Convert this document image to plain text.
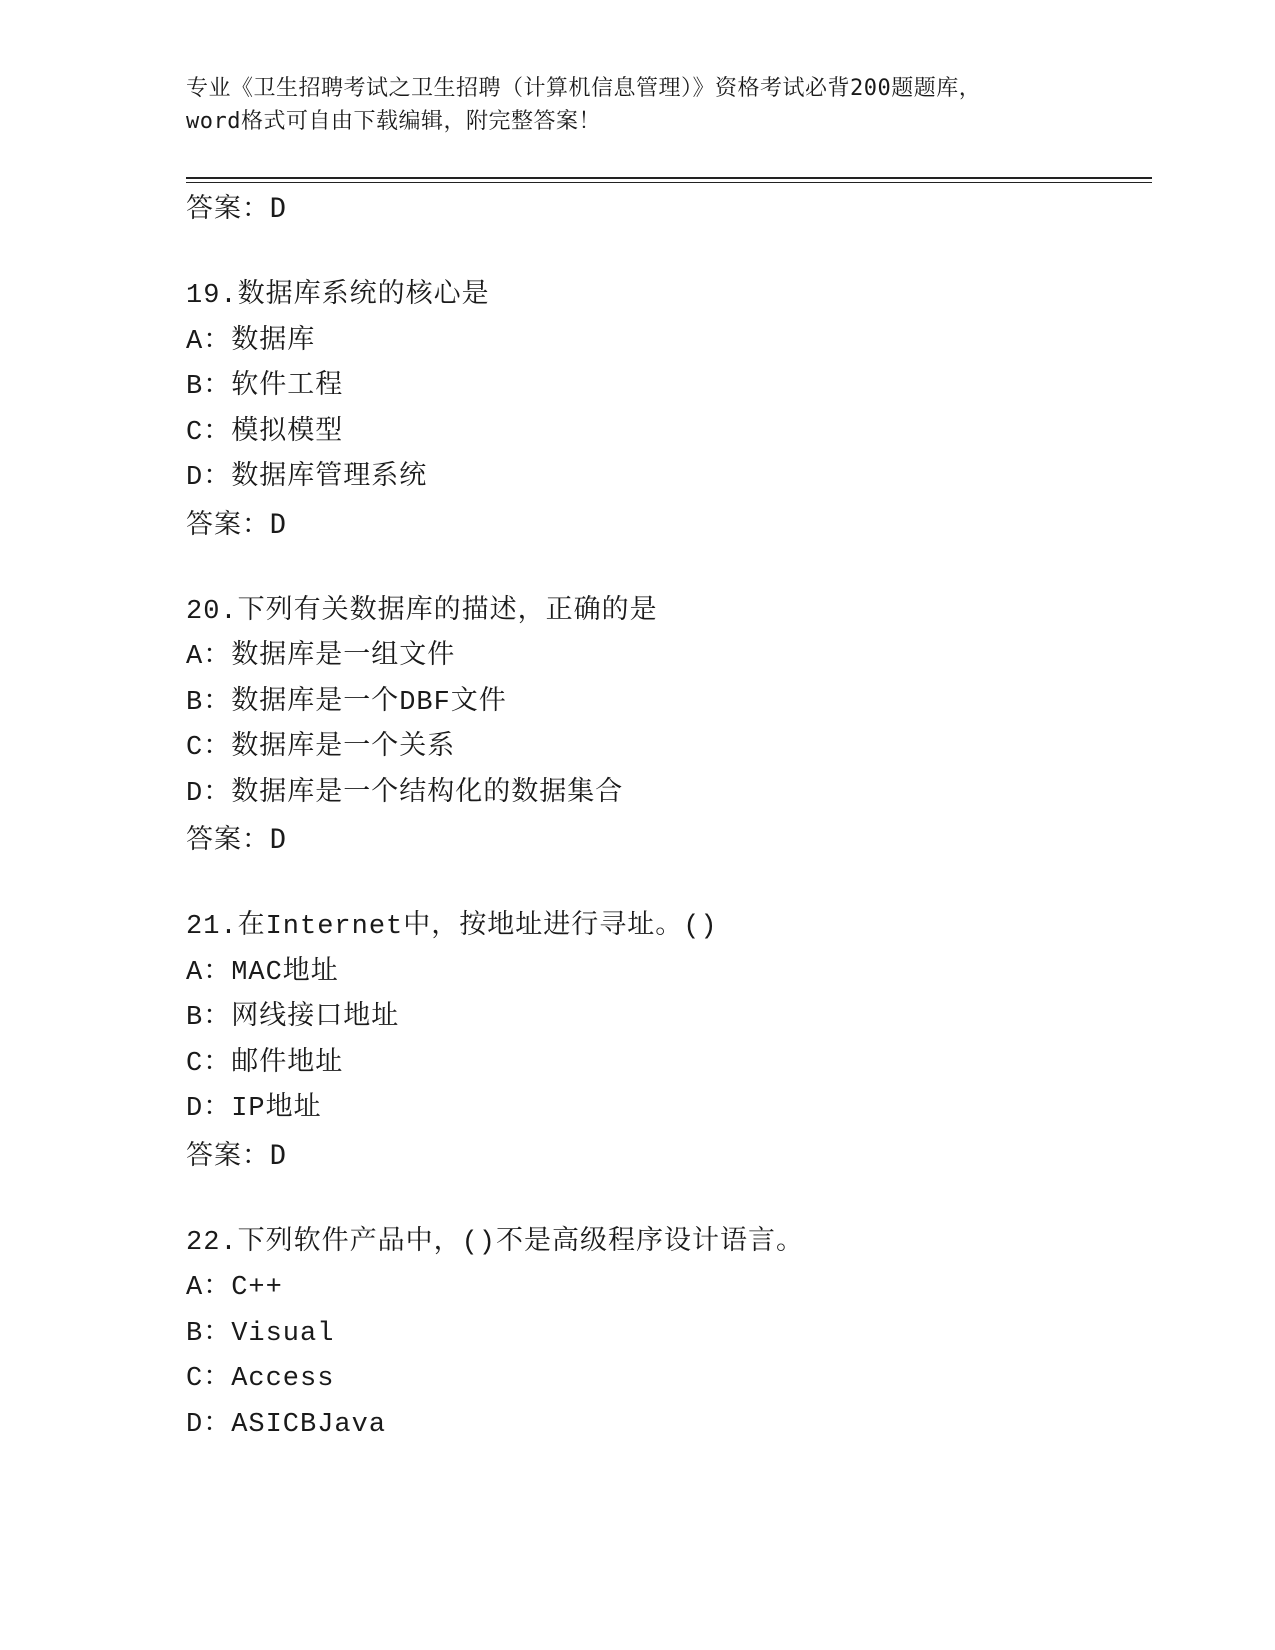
专业《卫生招聘考试之卫生招聘（计算机信息管理）》资格考试必背200题题库，
word格式可自由下载编辑，附完整答案！
答案：D
19.数据库系统的核心是
A：数据库
B：软件工程
C：模拟模型
D：数据库管理系统
答案：D
20.下列有关数据库的描述，正确的是
A：数据库是一组文件
B：数据库是一个DBF文件
C：数据库是一个关系
D：数据库是一个结构化的数据集合
答案：D
21.在Internet中，按地址进行寻址。()
A：MAC地址
B：网线接口地址
C：邮件地址
D：IP地址
答案：D
22.下列软件产品中，()不是高级程序设计语言。
A：C++
B：Visual
C：Access
D：ASICBJava
